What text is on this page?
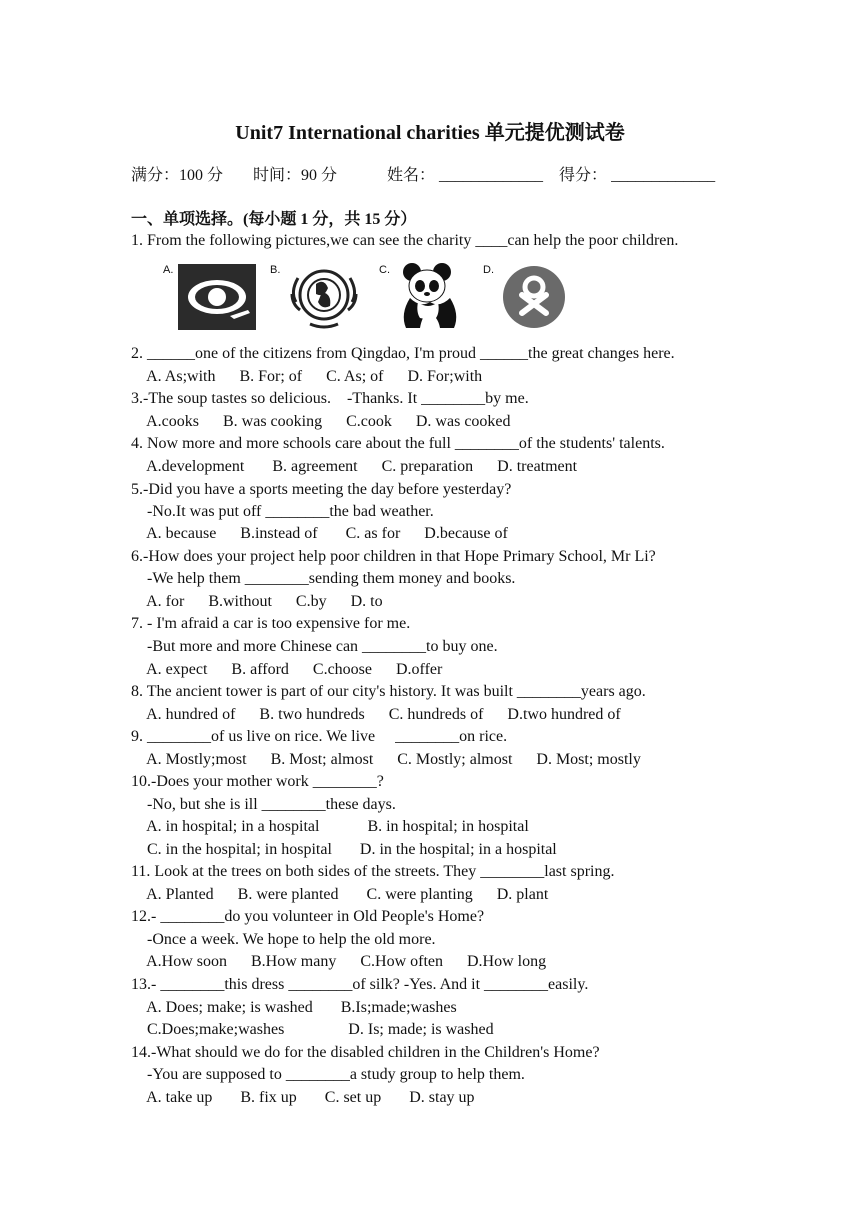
Unit7 International charities 单元提优测试卷
满分：100 分 时间：90 分	姓名： _____________ 得分： _____________
一、单项选择。(每小题 1 分，共 15 分）
1. From the following pictures,we can see the charity ____can help the poor children.
A.	B.	C.	D.
2. ______one of the citizens from Qingdao, I'm proud ______the great changes here.
A. As;with      B. For; of      C. As; of      D. For;with
3.-The soup tastes so delicious.    -Thanks. It ________by me.
A.cooks      B. was cooking      C.cook      D. was cooked
4. Now more and more schools care about the full ________of the students' talents.
A.development       B. agreement      C. preparation      D. treatment
5.-Did you have a sports meeting the day before yesterday?
-No.It was put off ________the bad weather.
A. because      B.instead of       C. as for      D.because of
6.-How does your project help poor children in that Hope Primary School, Mr Li?
-We help them ________sending them money and books.
A. for      B.without      C.by      D. to
7. - I'm afraid a car is too expensive for me.
-But more and more Chinese can ________to buy one.
A. expect      B. afford      C.choose      D.offer
8. The ancient tower is part of our city's history. It was built ________years ago.
A. hundred of      B. two hundreds      C. hundreds of      D.two hundred of
9. ________of us live on rice. We live     ________on rice.
A. Mostly;most      B. Most; almost      C. Mostly; almost      D. Most; mostly
10.-Does your mother work ________?
-No, but she is ill ________these days.
A. in hospital; in a hospital            B. in hospital; in hospital
C. in the hospital; in hospital       D. in the hospital; in a hospital
11. Look at the trees on both sides of the streets. They ________last spring.
A. Planted      B. were planted       C. were planting      D. plant
12.- ________do you volunteer in Old People's Home?
-Once a week. We hope to help the old more.
A.How soon      B.How many      C.How often      D.How long
13.- ________this dress ________of silk? -Yes. And it ________easily.
A. Does; make; is washed       B.Is;made;washes
C.Does;make;washes                D. Is; made; is washed
14.-What should we do for the disabled children in the Children's Home?
-You are supposed to ________a study group to help them.
A. take up       B. fix up       C. set up       D. stay up
